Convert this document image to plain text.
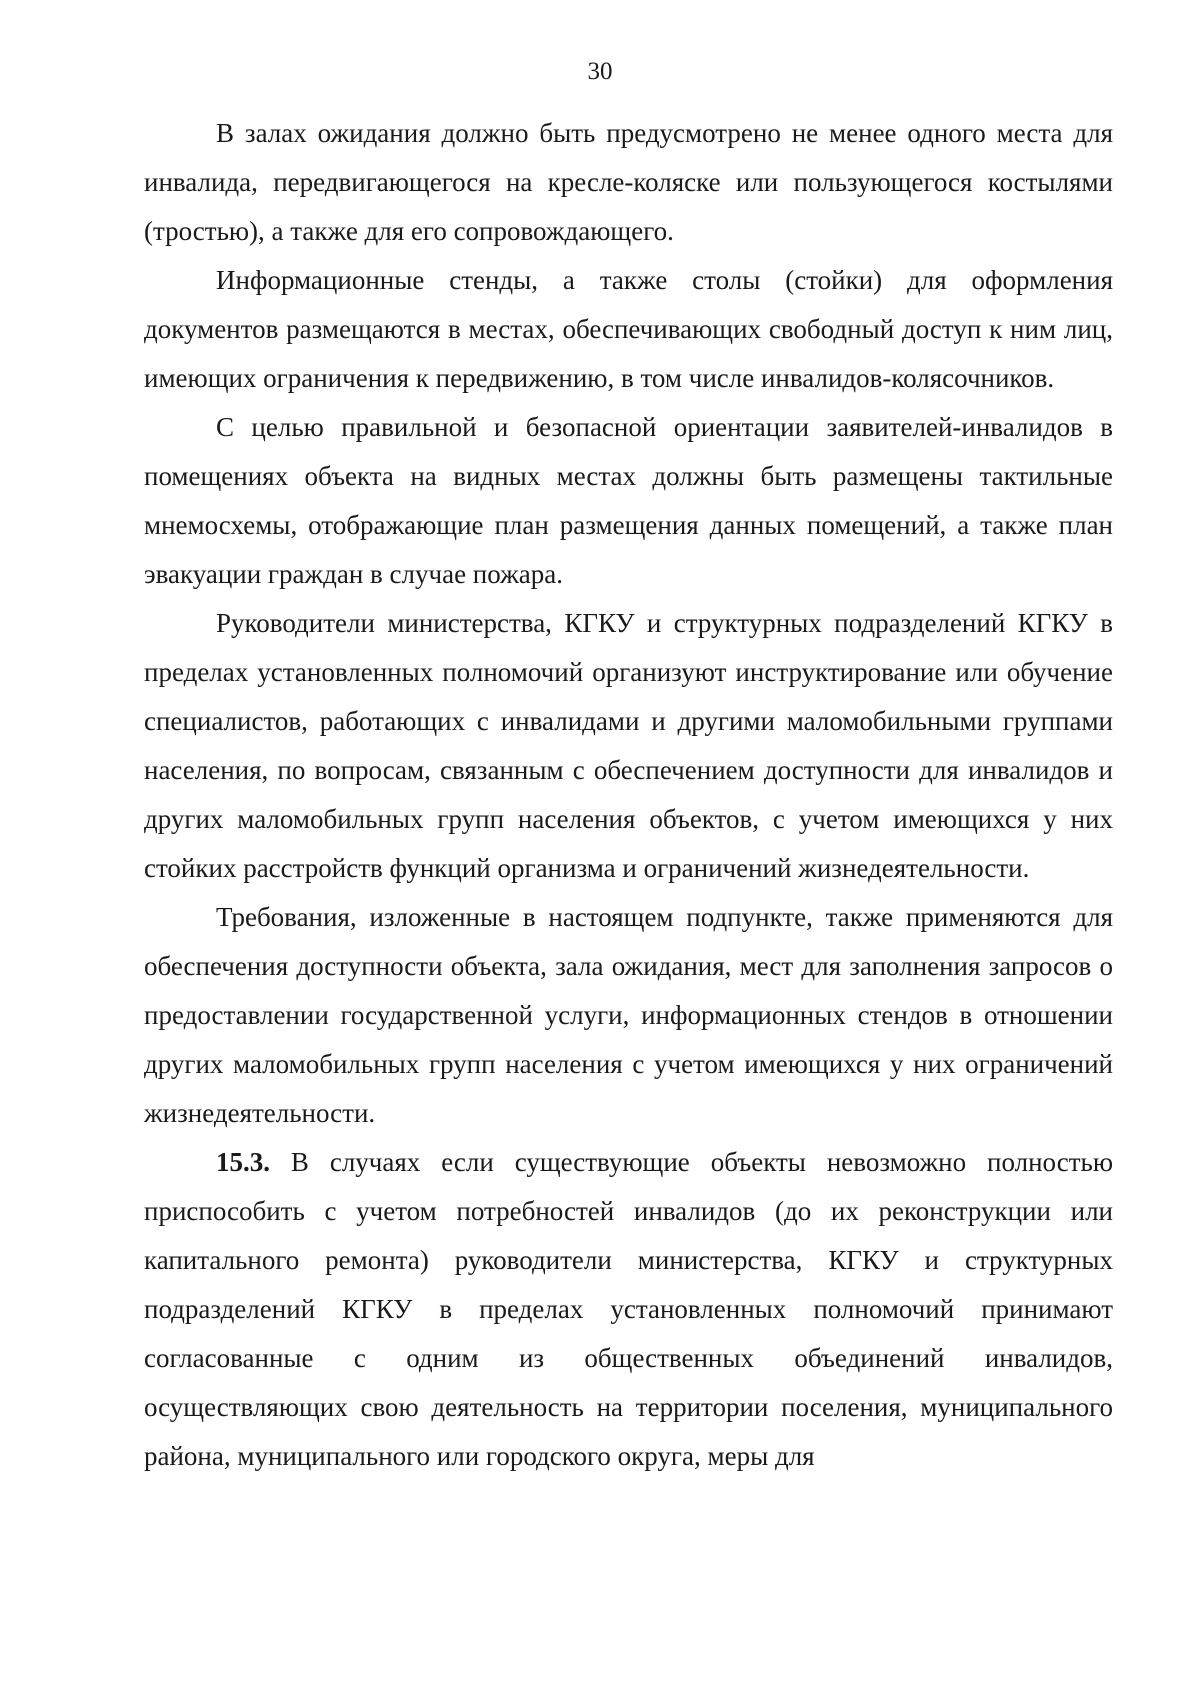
30

В залах ожидания должно быть предусмотрено не менее одного места для инвалида, передвигающегося на кресле-коляске или пользующегося костылями (тростью), а также для его сопровождающего.

Информационные стенды, а также столы (стойки) для оформления документов размещаются в местах, обеспечивающих свободный доступ к ним лиц, имеющих ограничения к передвижению, в том числе инвалидов-колясочников.

С целью правильной и безопасной ориентации заявителей-инвалидов в помещениях объекта на видных местах должны быть размещены тактильные мнемосхемы, отображающие план размещения данных помещений, а также план эвакуации граждан в случае пожара.

Руководители министерства, КГКУ и структурных подразделений КГКУ в пределах установленных полномочий организуют инструктирование или обучение специалистов, работающих с инвалидами и другими маломобильными группами населения, по вопросам, связанным с обеспечением доступности для инвалидов и других маломобильных групп населения объектов, с учетом имеющихся у них стойких расстройств функций организма и ограничений жизнедеятельности.

Требования, изложенные в настоящем подпункте, также применяются для обеспечения доступности объекта, зала ожидания, мест для заполнения запросов о предоставлении государственной услуги, информационных стендов в отношении других маломобильных групп населения с учетом имеющихся у них ограничений жизнедеятельности.

15.3. В случаях если существующие объекты невозможно полностью приспособить с учетом потребностей инвалидов (до их реконструкции или капитального ремонта) руководители министерства, КГКУ и структурных подразделений КГКУ в пределах установленных полномочий принимают согласованные с одним из общественных объединений инвалидов, осуществляющих свою деятельность на территории поселения, муниципального района, муниципального или городского округа, меры для
